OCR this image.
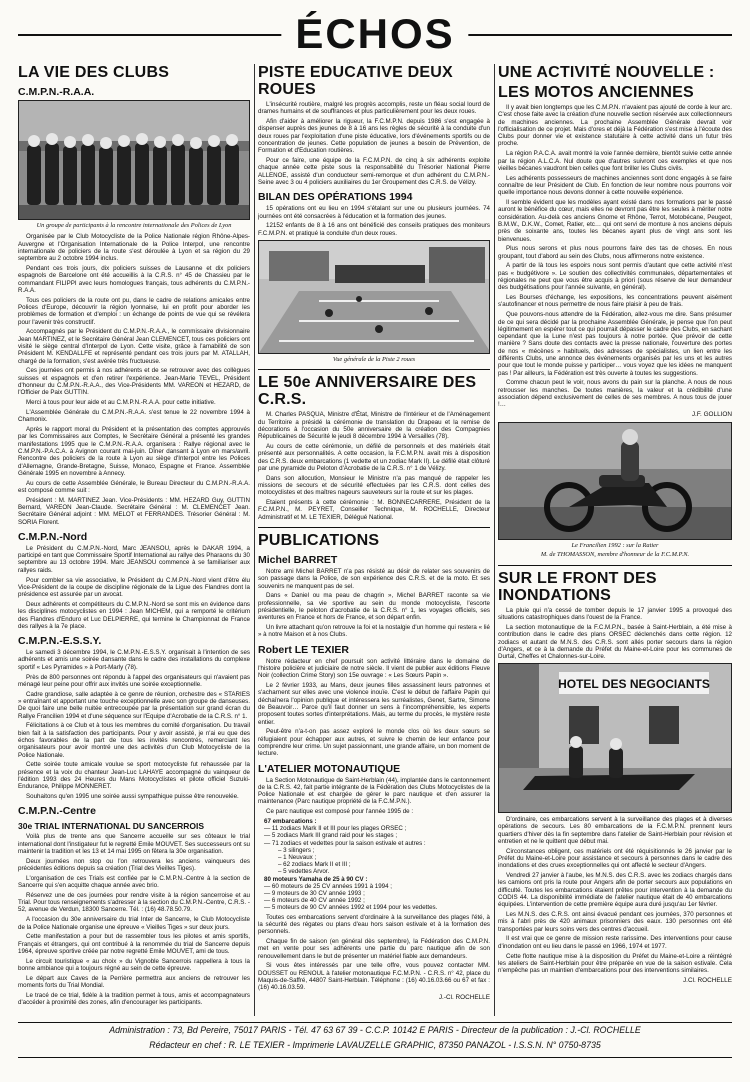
ÉCHOS
LA VIE DES CLUBS
C.M.P.N.-R.A.A.
Un groupe de participants à la rencontre internationale des Polices de Lyon

Organisée par le Club Motocycliste de la Police Nationale région Rhône-Alpes-Auvergne et l'Organisation Internationale de la Police Interpol, une rencontre internationale de policiers de la route s'est déroulée à Lyon et sa région du 29 septembre au 2 octobre 1994 inclus.

Pendant ces trois jours, dix policiers suisses de Lausanne et dix policiers espagnols de Barcelone ont été accueillis à la C.R.S. n° 45 de Chassieu par le commandant FILIPPI avec leurs homologues français, tous adhérents du C.M.P.N.-R.A.A.

Tous ces policiers de la route ont pu, dans le cadre de relations amicales entre Polices d'Europe, découvrir la région lyonnaise, lui en profit pour aborder les problèmes de formation et d'emploi : un échange de points de vue qui se révélera pour l'avenir très constructif.

Accompagnés par le Président du C.M.P.N.-R.A.A., le commissaire divisionnaire Jean MARTINEZ, et le Secrétaire Général Jean CLEMENCET, tous ces policiers ont visité le siège central d'Interpol de Lyon. Cette visite, grâce à l'amabilité de son Président M. KENDALLFE et représenté pendant ces trois jours par M. ATALLAH, chargé de la formation, s'est avérée très fructueuse.

Ces journées ont permis à nos adhérents et de se retrouver avec des collègues suisses et espagnols et d'en retirer l'expérience. Jean-Marie TEVEL, Président d'honneur du C.M.P.N.-R.A.A., des Vice-Présidents MM. VAREON et HEZARD, de l'Officier de Paix GUTTIN.

Merci à tous pour leur aide et au C.M.P.N.-R.A.A. pour cette initiative.

L'Assemblée Générale du C.M.P.N.-R.A.A. s'est tenue le 22 novembre 1994 à Chamonix.

Après le rapport moral du Président et la présentation des comptes approuvés par les Commissaires aux Comptes, le Secrétaire Général a présenté les grandes manifestations 1995 que le C.M.P.N.-R.A.A. organisera : Rallye régional avec le C.M.P.N.-P.A.C.A. à Avignon courant mai-juin. Dîner dansant à Lyon en mars/avril. Rencontre des policiers de la route à Lyon au siège d'Interpol entre les Polices d'Allemagne, Grande-Bretagne, Suisse, Monaco, Espagne et France. Assemblée Générale 1995 en novembre à Annecy.

Au cours de cette Assemblée Générale, le Bureau Directeur du C.M.P.N.-R.A.A. est composé comme suit :

Président : M. MARTINEZ Jean. Vice-Présidents : MM. HEZARD Guy, GUTTIN Bernard, VAREON Jean-Claude. Secrétaire Général : M. CLEMENCET Jean. Secrétaire Général adjoint : MM. MELOT et FERRANDES. Trésorier Général : M. SORIA Florent.

C.M.P.N.-Nord

Le Président du C.M.P.N.-Nord, Marc JEANSOU, après le DAKAR 1994, a participé en tant que Commissaire Sportif International au rallye des Pharaons du 30 septembre au 13 octobre 1994. Marc JEANSOU commence à se familiariser aux rallyes raids.

Pour combler sa vie associative, le Président du C.M.P.N.-Nord vient d'être élu Vice-Président de la coupe de discipline régionale de la Ligue des Flandres dont la présidence est assurée par un avocat.

Deux adhérents et compétiteurs du C.M.P.N.-Nord se sont mis en évidence dans les disciplines motocyclistes en 1994 : Jean MICHEM, qui a remporté le critérium des Flandres d'Enduro et Luc DELPIERRE, qui termine le Championnat de France des rallyes à la 7e place.

C.M.P.N.-E.S.S.Y.

Le samedi 3 décembre 1994, le C.M.P.N.-E.S.S.Y. organisait à l'intention de ses adhérents et amis une soirée dansante dans le cadre des installations du complexe sportif « Les Pyramides » à Port-Marly (78).

Près de 800 personnes ont répondu à l'appel des organisateurs qui n'avaient pas ménagé leur peine pour offrir aux invités une soirée exceptionnelle.

Cadre grandiose, salle adaptée à ce genre de réunion, orchestre des « STARIES » entraînant et apportant une touche exceptionnelle avec son groupe de danseuses. De quoi faire une belle nuitée entrecoupée par la présentation sur grand écran du Rallye Francilien 1994 et d'une séquence sur l'Equipe d'Acrobatie de la C.R.S. n° 1.

Félicitations à ce Club et à tous les membres du comité d'organisation. Du travail bien fait à la satisfaction des participants. Pour y avoir assisté, je n'ai eu que des échos favorables de la part de tous les invités rencontrés, remerciant les organisateurs pour avoir montré une des activités d'un Club Motocycliste de la Police Nationale.

Cette soirée toute amicale voulue se sport motocycliste fut rehaussée par la présence et la voix du chanteur Jean-Luc LAHAYE accompagné du vainqueur de l'édition 1993 des 24 Heures du Mans Motocyclistes et pilote officiel Suzuki-Endurance, Philippe MONNERET.

Souhaitons qu'en 1995 une soirée aussi sympathique puisse être renouvelée.

C.M.P.N.-Centre
30e TRIAL INTERNATIONAL DU SANCERROIS

Voilà plus de trente ans que Sancerre accueille sur ses côteaux le trial international dont l'instigateur fut le regretté Emile MOUVET. Ses successeurs ont su maintenir la tradition et les 13 et 14 mai 1995 on fêtera la 30e organisation.

Deux journées non stop ou l'on retrouvera les anciens vainqueurs des précédentes éditions depuis sa création (Trial des Vieilles Tiges).

L'organisation de ces Trials est confiée par le C.M.P.N.-Centre à la section de Sancerre qui s'en acquitte chaque année avec brio.

Réservez une de ces journées pour rendre visite à la région sancerroise et au Trial. Pour tous renseignements s'adresser à la section du C.M.P.N.-Centre, C.R.S. - 52, avenue de Verdun, 18300 Sancerre. Tél. : (16) 48.78.50.79.

A l'occasion du 30e anniversaire du trial Inter de Sancerre, le Club Motocycliste de la Police Nationale organise une épreuve « Vieilles Tiges » sur deux jours.

Cette manifestation a pour but de rassembler tous les pilotes et amis sportifs, Français et étrangers, qui ont contribué à la renommée du trial de Sancerre depuis 1964, épreuve sportive créée par notre regretté Emile MOUVET, ami de tous.

Le circuit touristique « au choix » du Vignoble Sancerrois rappellera à tous la bonne ambiance qui a toujours régné au sein de cette épreuve.

Le départ aux Caves de la Perrière permettra aux anciens de retrouver les moments forts du Trial Mondial.

Le tracé de ce trial, fidèle à la tradition permet à tous, amis et accompagnateurs d'accéder à proximité des zones, afin d'encourager les participants.

PISTE EDUCATIVE DEUX ROUES

L'insécurité routière, malgré les progrès accomplis, reste un fléau social lourd de drames humains et de souffrances et plus particulièrement pour les deux roues.

Afin d'aider à améliorer la rigueur, la F.C.M.P.N. depuis 1986 s'est engagée à dispenser auprès des jeunes de 8 à 16 ans les règles de sécurité à la conduite d'un deux roues par l'exploitation d'une piste éducative, lors d'événements sportifs ou de concentration de jeunes. Cette population de jeunes a besoin de Prévention, de Formation et d'Education routières.

Pour ce faire, une équipe de la F.C.M.P.N. de cinq à six adhérents exploite chaque année cette piste sous la responsabilité du Trésorier National Pierre ALLENOE, assisté d'un conducteur semi-remorque et d'un adhérent du C.M.P.N.-Seine avec 3 ou 4 policiers auxiliaires du 1er Groupement des C.R.S. de Vélizy.

BILAN DES OPÉRATIONS 1994

15 opérations ont eu lieu en 1994 s'étalant sur une ou plusieurs journées. 74 journées ont été consacrées à l'éducation et la formation des jeunes.

12152 enfants de 8 à 16 ans ont bénéficié des conseils pratiques des moniteurs F.C.M.P.N. et pratiqué la conduite d'un deux roues.

Vue générale de la Piste 2 roues
LE 50e ANNIVERSAIRE DES C.R.S.

M. Charles PASQUA, Ministre d'État, Ministre de l'Intérieur et de l'Aménagement du Territoire a présidé la cérémonie de translation du Drapeau et la remise de décorations à l'occasion du 50e anniversaire de la création des Compagnies Républicaines de Sécurité le jeudi 8 décembre 1994 à Versailles (78).

Au cours de cette cérémonie, un défilé de personnels et des matériels était présenté aux personnalités. A cette occasion, la F.C.M.P.N. avait mis à disposition des C.R.S. deux embarcations (1 vedette et un zodiac Mark II). Le défilé était clôturé par une pyramide du Peloton d'Acrobatie de la C.R.S. n° 1 de Vélizy.

Dans son allocution, Monsieur le Ministre n'a pas manqué de rappeler les missions de secours et de sécurité effectuées par les C.R.S. dont celles des motocyclistes et des maîtres nageurs sauveteurs sur la route et sur les plages.

Etaient présents à cette cérémonie : M. BONNECARRERE, Président de la F.C.M.P.N., M. PEYRET, Conseiller Technique, M. ROCHELLE, Directeur Administratif et M. LE TEXIER, Délégué National.

PUBLICATIONS
Michel BARRET

Notre ami Michel BARRET n'a pas résisté au désir de relater ses souvenirs de son passage dans la Police, de son expérience des C.R.S. et de la moto. Et ses souvenirs ne manquent pas de sel.

Dans « Daniel ou ma peau de chagrin », Michel BARRET raconte sa vie professionnelle, sa vie sportive au sein du monde motocycliste, l'escorte présidentielle, le peloton d'acrobatie de la C.R.S. n° 1, les voyages officiels, ses aventures en France et hors de France, et son départ enfin.

Un livre attachant qu'on retrouve la foi et la nostalgie d'un homme qui restera « lié » à notre Maison et à nos Clubs.

Robert LE TEXIER

Notre rédacteur en chef poursuit son activité littéraire dans le domaine de l'histoire policière et judiciaire de notre siècle. Il vient de publier aux éditions Fleuve Noir (collection Crime Story) son 15e ouvrage : « Les Sœurs Papin ».

Le 2 février 1933, au Mans, deux jeunes filles assassinent leurs patronnes et s'acharnent sur elles avec une violence inouïe. C'est le début de l'affaire Papin qui déchaînera l'opinion publique et intéressera les surréalistes, Genet, Sartre, Simone de Beauvoir… Parce qu'il faut donner un sens à l'incompréhensible, les experts proposent toutes sortes d'interprétations. Mais, au terme du procès, le mystère reste entier.

Peut-être n'a-t-on pas assez exploré le monde clos où les deux sœurs se réfugiaient pour échapper aux autres, et suivre le chemin de leur enfance pour comprendre leur crime. Un sujet passionnant, une grande affaire, un bon moment de lecture.

L'ATELIER MOTONAUTIQUE

La Section Motonautique de Saint-Herblain (44), implantée dans le cantonnement de la C.R.S. 42, fait partie intégrante de la Fédération des Clubs Motocyclistes de la Police Nationale et est chargée de gérer le parc nautique et d'en assurer la maintenance (Parc nautique propriété de la F.C.M.P.N.).

Ce parc nautique est composé pour l'année 1995 de :

67 embarcations :
— 11 zodiacs Mark II et III pour les plages ORSEC ;
— 5 zodiacs Mark III grand raid pour les stages ;
— 71 zodiacs et vedettes pour la saison estivale et autres :
– 3 silingers ;
– 1 Neuvaux ;
– 62 zodiacs Mark II et III ;
– 5 vedettes Arvor.
80 moteurs Yamaha de 25 à 90 CV :
— 60 moteurs de 25 CV années 1991 à 1994 ;
— 9 moteurs de 30 CV année 1993 ;
— 6 moteurs de 40 CV année 1992 ;
— 5 moteurs de 90 CV années 1992 et 1994 pour les vedettes.

Toutes ces embarcations servent d'ordinaire à la surveillance des plages l'été, à la sécurité des régates ou plans d'eau hors saison estivale et à la formation des personnels.

Chaque fin de saison (en général dès septembre), la Fédération des C.M.P.N. met en vente pour ses adhérents une partie du parc nautique afin de son renouvellement dans le but de présenter un matériel fiable aux demandeurs.

Si vous êtes intéressés par une telle offre, vous pouvez contacter MM. DOUSSET ou RENOUL à l'atelier motonautique F.C.M.P.N. - C.R.S. n° 42, place du Maquis-de-Saffré, 44807 Saint-Herblain. Téléphone : (16) 40.16.03.66 ou 67 et fax : (16) 40.16.03.59.

J.-Cl. ROCHELLE
UNE ACTIVITÉ NOUVELLE :
LES MOTOS ANCIENNES

Il y avait bien longtemps que les C.M.P.N. n'avaient pas ajouté de corde à leur arc. C'est chose faite avec la création d'une nouvelle section réservée aux collectionneurs de machines anciennes. La prochaine Assemblée Générale devrait voir l'officialisation de ce projet. Mais d'ores et déjà la Fédération s'est mise à l'écoute des Clubs pour donner vie et existence statutaire à cette activité dans un futur très proche.

La région P.A.C.A. avait montré la voie l'année dernière, bientôt suivie cette année par la région A.L.C.A. Nul doute que d'autres suivront ces exemples et que nos vieilles bécanes vaudront bien celles que font briller les Clubs civils.

Les adhérents possesseurs de machines anciennes sont donc engagés à se faire connaître de leur Président de Club. En fonction de leur nombre nous pourrons voir quelle importance nous devons donner à cette nouvelle expérience.

Il semble évident que les modèles ayant existé dans nos formations par le passé auront le bénéfice du cœur, mais elles ne devront pas être les seules à mériter notre considération. Au-delà ces anciens Gnome et Rhône, Terrot, Motobécane, Peugeot, B.M.W., D.K.W., Comet, Ratier, etc… qui ont servi de monture à nos anciens depuis près de soixante ans, toutes les bécanes ayant plus de vingt ans sont les bienvenues.

Plus nous serons et plus nous pourrons faire des tas de choses. En nous groupant, tout d'abord au sein des Clubs, nous affirmerons notre existence.

A partir de là tous les espoirs nous sont permis d'autant que cette activité n'est pas « budgétivore ». Le soutien des collectivités communales, départementales et régionales ne peut que vous être acquis à priori (sous réserve de leur demandeur des budgétisations pour l'année suivante, en général).

Les Bourses d'échange, les expositions, les concentrations peuvent aisément s'autofinancer et nous permettre de nous faire plaisir à peu de frais.

Que pouvons-nous attendre de la Fédération, allez-vous me dire. Sans présumer de ce qui sera décidé par la prochaine Assemblée Générale, je pense que l'on peut légitimement en espérer tout ce qui pourrait dépasser le cadre des Clubs, en sachant cependant que la Lune n'est pas toujours à notre portée. Que prévoir de cette manière ? Sans doute des contacts avec la presse nationale, l'ouverture des portes de nos « mécènes » habituels, des adresses de spécialistes, un lien entre les différents Clubs, une annonce des événements organisés par les uns et les autres pour que tout le monde puisse y participer… vous voyez que les idées ne manquent pas ! Par ailleurs, la Fédération est très ouverte à toutes les suggestions.

Comme chacun peut le voir, nous avons du pain sur la planche. A nous de nous retrousser les manches. De toutes manières, la valeur et la crédibilité d'une association dépend exclusivement de celles de ses membres. A nous tous de jouer !…

J.F. GOLLION
Le Francilien 1992 : sur la Ratier
M. de THOMASSON, membre d'honneur de la F.C.M.P.N.
SUR LE FRONT DES INONDATIONS

La pluie qui n'a cessé de tomber depuis le 17 janvier 1995 a provoqué des situations catastrophiques dans l'ouest de la France.

La section motonautique de la F.C.M.P.N., basée à Saint-Herblain, a été mise à contribution dans le cadre des plans ORSEC déclenchés dans cette région. 12 zodiacs et autant de M.N.S. des C.R.S. sont allés porter secours dans la région d'Angers, et ce à la demande du Préfet du Maine-et-Loire pour les communes de Durtal, Cheffes et Chalonnes-sur-Loire.

HOTEL DES NEGOCIANTS

D'ordinaire, ces embarcations servent à la surveillance des plages et à diverses opérations de secours. Les 80 embarcations de la F.C.M.P.N. prennent leurs quartiers d'hiver dès la fin septembre dans l'atelier de Saint-Herblain pour révision et entretien et ne le quittent que début mai.

Circonstances obligent, ces matériels ont été réquisitionnés le 26 janvier par le Préfet du Maine-et-Loire pour assistance et secours à personnes dans le cadre des inondations et des crues exceptionnelles qui ont affecté le secteur d'Angers.

Vendredi 27 janvier à l'aube, les M.N.S. des C.R.S. avec les zodiacs chargés dans les camions ont pris la route pour Angers afin de porter secours aux populations en difficulté. Toutes les embarcations étaient prêtes pour intervention à la demande du CODIS 44. La disponibilité immédiate de l'atelier nautique était de 40 embarcations équipées. L'intervention de cette première équipe aura duré jusqu'au 1er février.

Les M.N.S. des C.R.S. ont ainsi évacué pendant ces journées, 370 personnes et mis à l'abri près de 420 animaux prisonniers des eaux. 130 personnes ont été transportées par leurs soins vers des centres d'accueil.

Il est vrai que ce genre de mission reste rarissime. Des interventions pour cause d'inondation ont eu lieu dans le passé en 1966, 1974 et 1977.

Cette flotte nautique mise à la disposition du Préfet du Maine-et-Loire a réintégré les ateliers de Saint-Herblain pour être préparée en vue de la saison estivale. Cela n'empêche pas un maintien d'embarcations pour des interventions similaires.

J.Cl. ROCHELLE
Administration : 73, Bd Pereire, 75017 PARIS - Tél. 47 63 67 39 - C.C.P. 10142 E PARIS - Directeur de la publication : J.-Cl. ROCHELLE
Rédacteur en chef : R. LE TEXIER - Imprimerie LAVAUZELLE GRAPHIC, 87350 PANAZOL - I.S.S.N. N° 0750-8735
